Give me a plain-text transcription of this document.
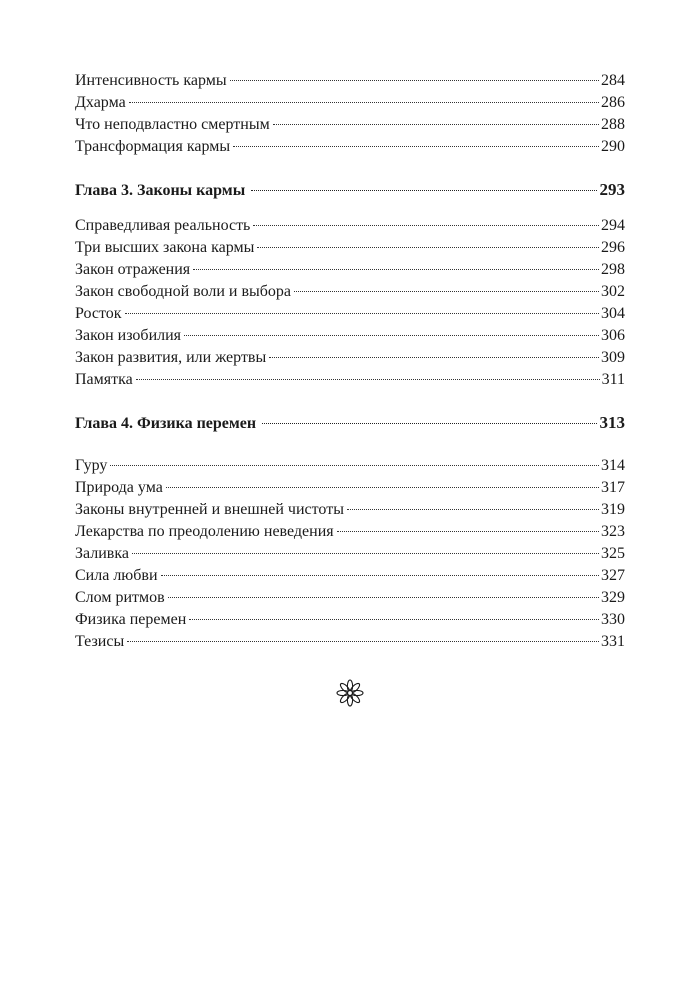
Интенсивность кармы	284
Дхарма	286
Что неподвластно смертным	288
Трансформация кармы	290
Глава 3. Законы кармы	293
Справедливая реальность	294
Три высших закона кармы	296
Закон отражения	298
Закон свободной воли и выбора	302
Росток	304
Закон изобилия	306
Закон развития, или жертвы	309
Памятка	311
Глава 4. Физика перемен	313
Гуру	314
Природа ума	317
Законы внутренней и внешней чистоты	319
Лекарства по преодолению неведения	323
Заливка	325
Сила любви	327
Слом ритмов	329
Физика перемен	330
Тезисы	331
